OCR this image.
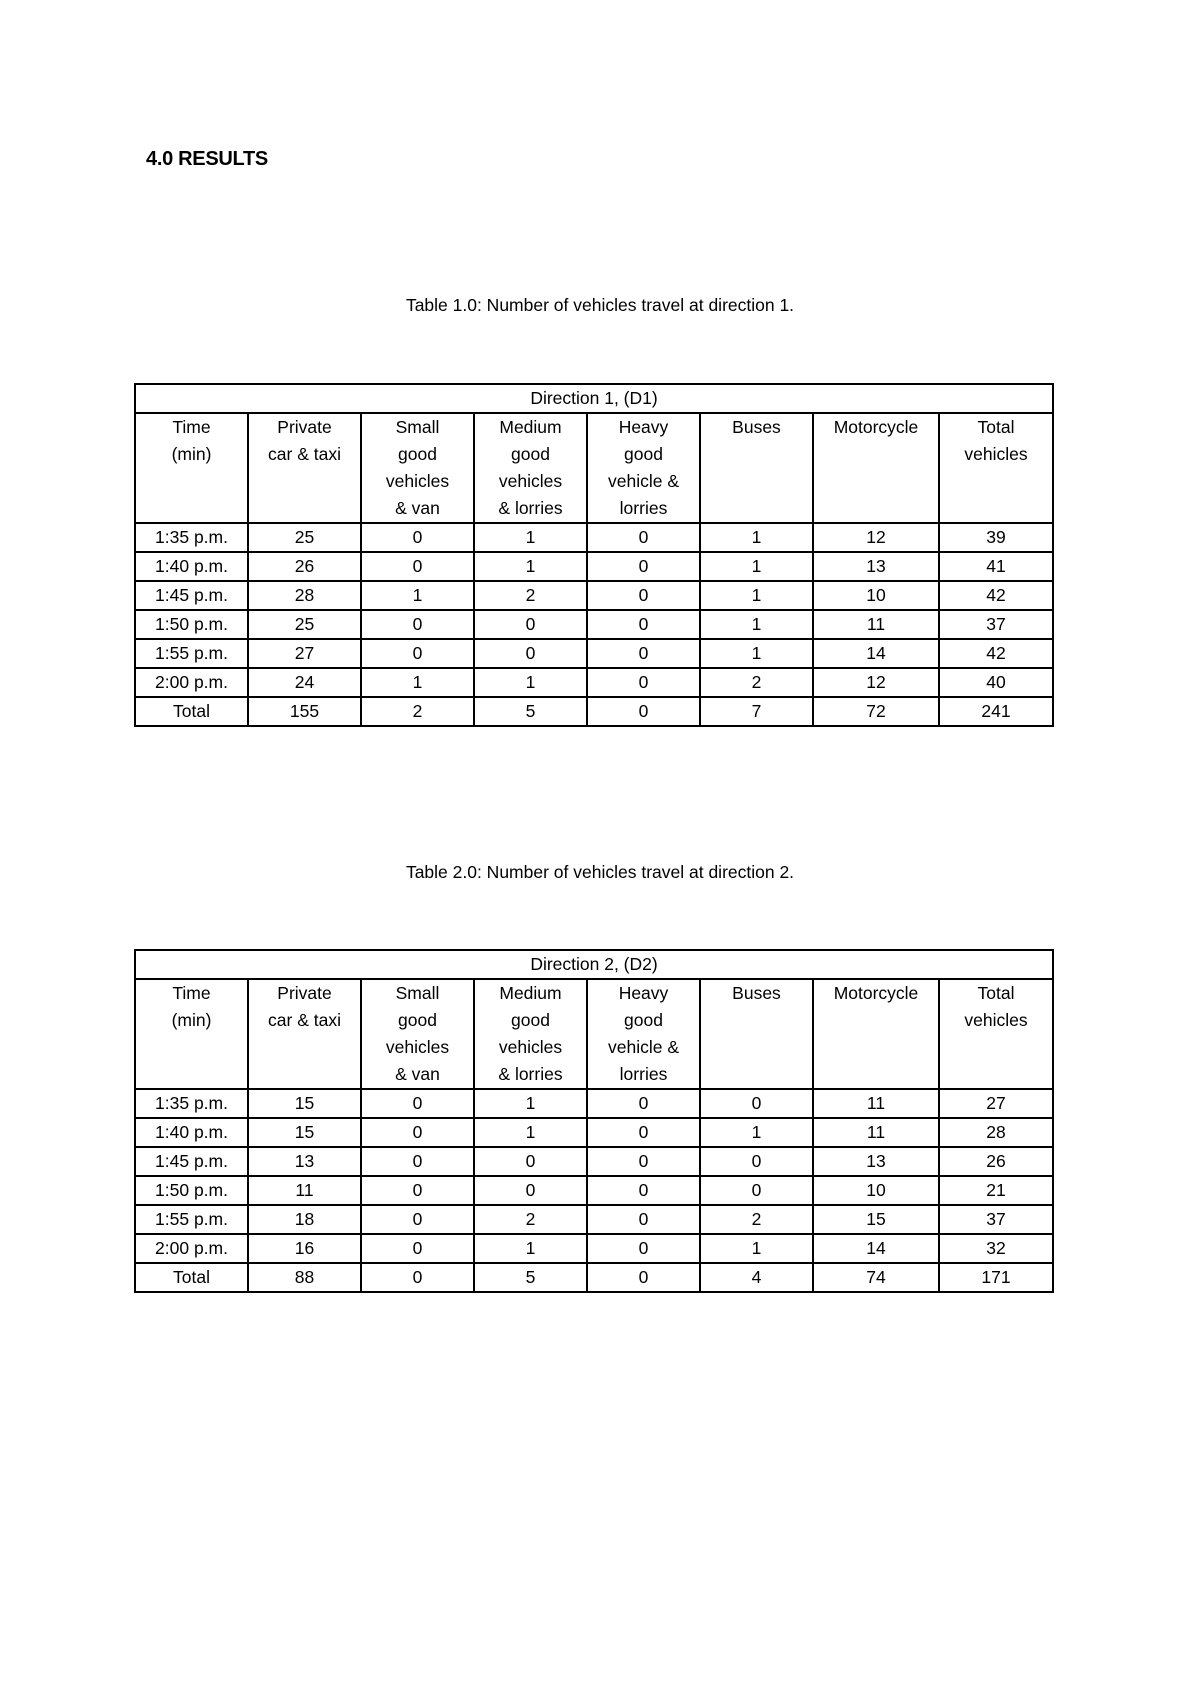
4.0 RESULTS

Table 1.0: Number of vehicles travel at direction 1.

Direction 1, (D1)							
Time
(min)	Private
car & taxi	Small
good
vehicles
& van	Medium
good
vehicles
& lorries	Heavy
good
vehicle &
lorries	Buses	Motorcycle	Total
vehicles
1:35 p.m.	25	0	1	0	1	12	39
1:40 p.m.	26	0	1	0	1	13	41
1:45 p.m.	28	1	2	0	1	10	42
1:50 p.m.	25	0	0	0	1	11	37
1:55 p.m.	27	0	0	0	1	14	42
2:00 p.m.	24	1	1	0	2	12	40
Total	155	2	5	0	7	72	241

Table 2.0: Number of vehicles travel at direction 2.

Direction 2, (D2)							
Time
(min)	Private
car & taxi	Small
good
vehicles
& van	Medium
good
vehicles
& lorries	Heavy
good
vehicle &
lorries	Buses	Motorcycle	Total
vehicles
1:35 p.m.	15	0	1	0	0	11	27
1:40 p.m.	15	0	1	0	1	11	28
1:45 p.m.	13	0	0	0	0	13	26
1:50 p.m.	11	0	0	0	0	10	21
1:55 p.m.	18	0	2	0	2	15	37
2:00 p.m.	16	0	1	0	1	14	32
Total	88	0	5	0	4	74	171
